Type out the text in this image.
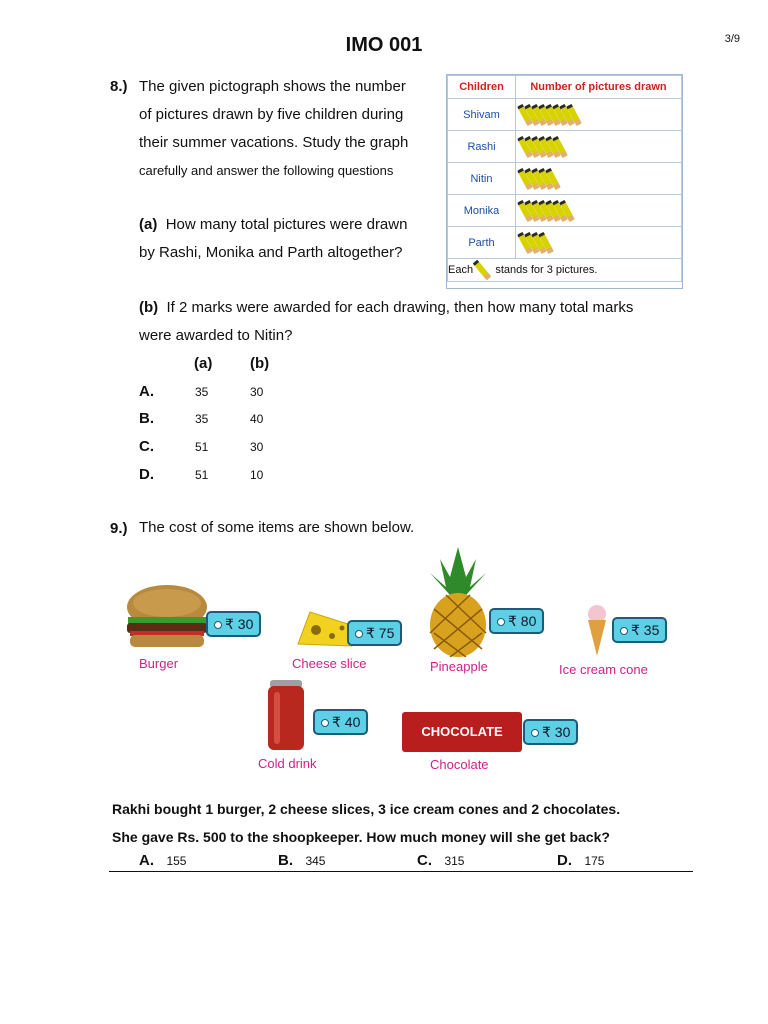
IMO 001	3/9
8.) The given pictograph shows the number
of pictures drawn by five children during
their summer vacations. Study the graph
carefully and answer the following questions
(a) How many total pictures were drawn
by Rashi, Monika and Parth altogether?
(b) If 2 marks were awarded for each drawing, then how many total marks
were awarded to Nitin?
(a)	(b)
A.	35	30
B.	35	40
C.	51	30
D.	51	10
Children	Number of pictures drawn
Shivam	
Rashi	
Nitin	
Monika	
Parth	
Each stands for 3 pictures.	
9.) The cost of some items are shown below.
₹ 30
Burger
₹ 75
Cheese slice
₹ 80
Pineapple
₹ 35
Ice cream cone
₹ 40
Cold drink
CHOCOLATE	₹ 30
Chocolate
Rakhi bought 1 burger, 2 cheese slices, 3 ice cream cones and 2 chocolates.
She gave Rs. 500 to the shoopkeeper. How much money will she get back?
A. 155	B. 345	C. 315	D. 175
